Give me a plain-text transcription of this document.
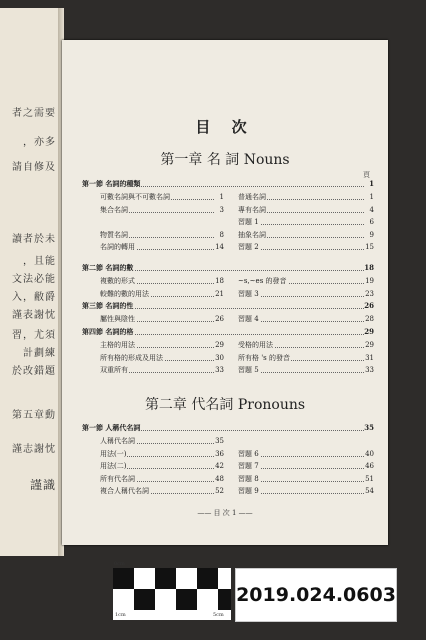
者之需要
，亦多
請自修及
讀者於未
，且能
文法必能
入，敝爵
謹表謝忱
習，尤須
計劃練
於改錯題
第五章動
謹志謝忱
謹識
目 次
第一章 名 詞 Nouns
頁
第一節 名詞的種類	1
可數名詞與不可數名詞	1
集合名詞	3
物質名詞	8
名詞的轉用	14
普通名詞	1
專有名詞	4
習題 1	6
抽象名詞	9
習題 2	15
第二節 名詞的數	18
複數的形式	18
較難的數的用法	21
~s,~es 的發音	19
習題 3	23
第三節 名詞的性	26
屬性與陰性	26 習題 4	28
第四節 名詞的格	29
主格的用法	29
所有格的形成及用法	30
双重所有	33
受格的用法	29
所有格 's 的發音	31
習題 5	33
第二章 代名詞 Pronouns
第一節 人稱代名詞	35
人稱代名詞	35
用法(一)	36
用法(二)	42
所有代名詞	48
複合人稱代名詞	52
習題 6	40
習題 7	46
習題 8	51
習題 9	54
—— 目 次 1 ——
0cm
1cm	5cm
2019.024.0603
